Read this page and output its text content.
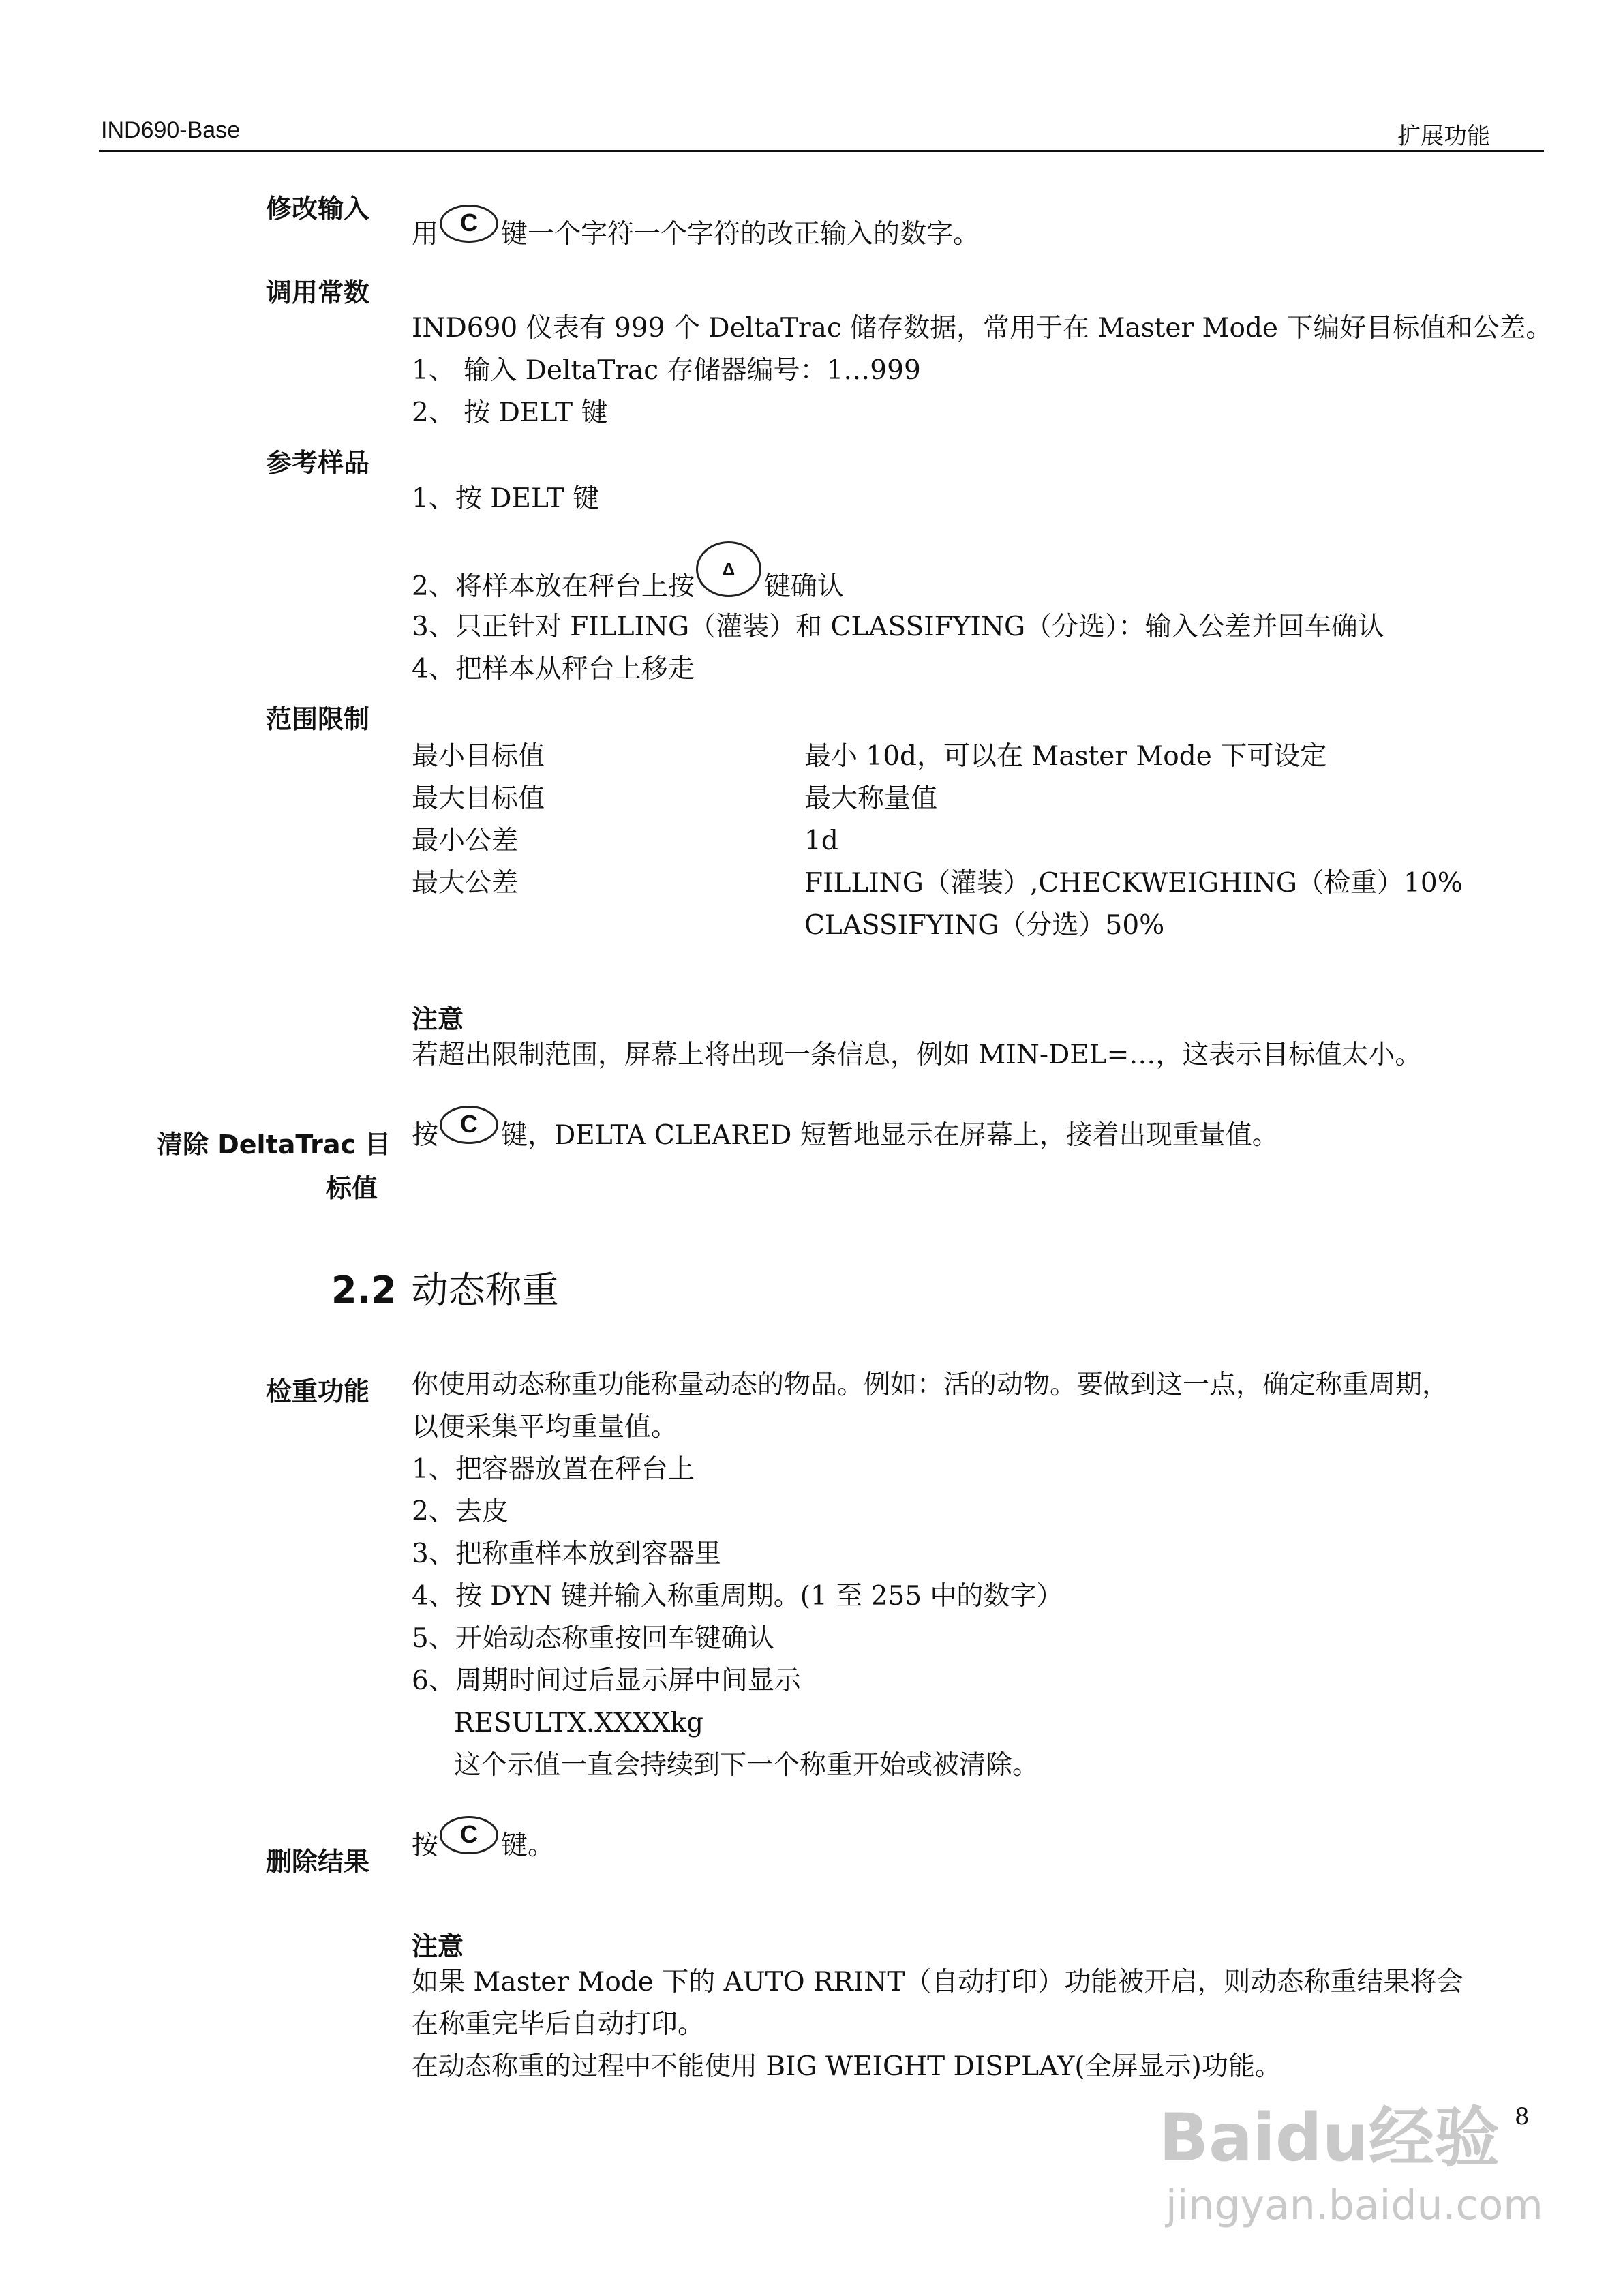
IND690-Base	扩展功能
修改输入
用 C 键一个字符一个字符的改正输入的数字。
调用常数
IND690 仪表有 999 个 DeltaTrac 储存数据，常用于在 Master Mode 下编好目标值和公差。
1、 输入 DeltaTrac 存储器编号：1…999
2、 按 DELT 键
参考样品
1、按 DELT 键
2、将样本放在秤台上按Δ键确认
3、只正针对 FILLING（灌装）和 CLASSIFYING（分选）：输入公差并回车确认
4、把样本从秤台上移走
范围限制
最小目标值	最小 10d，可以在 Master Mode 下可设定
最大目标值	最大称量值
最小公差	1d
最大公差	FILLING（灌装）,CHECKWEIGHING（检重）10%
CLASSIFYING（分选）50%
注意
若超出限制范围，屏幕上将出现一条信息，例如 MIN-DEL=…，这表示目标值太小。
清除 DeltaTrac 目
标值
按 C 键，DELTA CLEARED 短暂地显示在屏幕上，接着出现重量值。
2.2 动态称重
检重功能 你使用动态称重功能称量动态的物品。例如：活的动物。要做到这一点，确定称重周期，
以便采集平均重量值。
1、把容器放置在秤台上
2、去皮
3、把称重样本放到容器里
4、按 DYN 键并输入称重周期。(1 至 255 中的数字）
5、开始动态称重按回车键确认
6、周期时间过后显示屏中间显示
RESULTX.XXXXkg
这个示值一直会持续到下一个称重开始或被清除。
删除结果
按 C 键。
注意
如果 Master Mode 下的 AUTO RRINT（自动打印）功能被开启，则动态称重结果将会
在称重完毕后自动打印。
在动态称重的过程中不能使用 BIG WEIGHT DISPLAY(全屏显示)功能。
8
Baidu经验
jingyan.baidu.com
